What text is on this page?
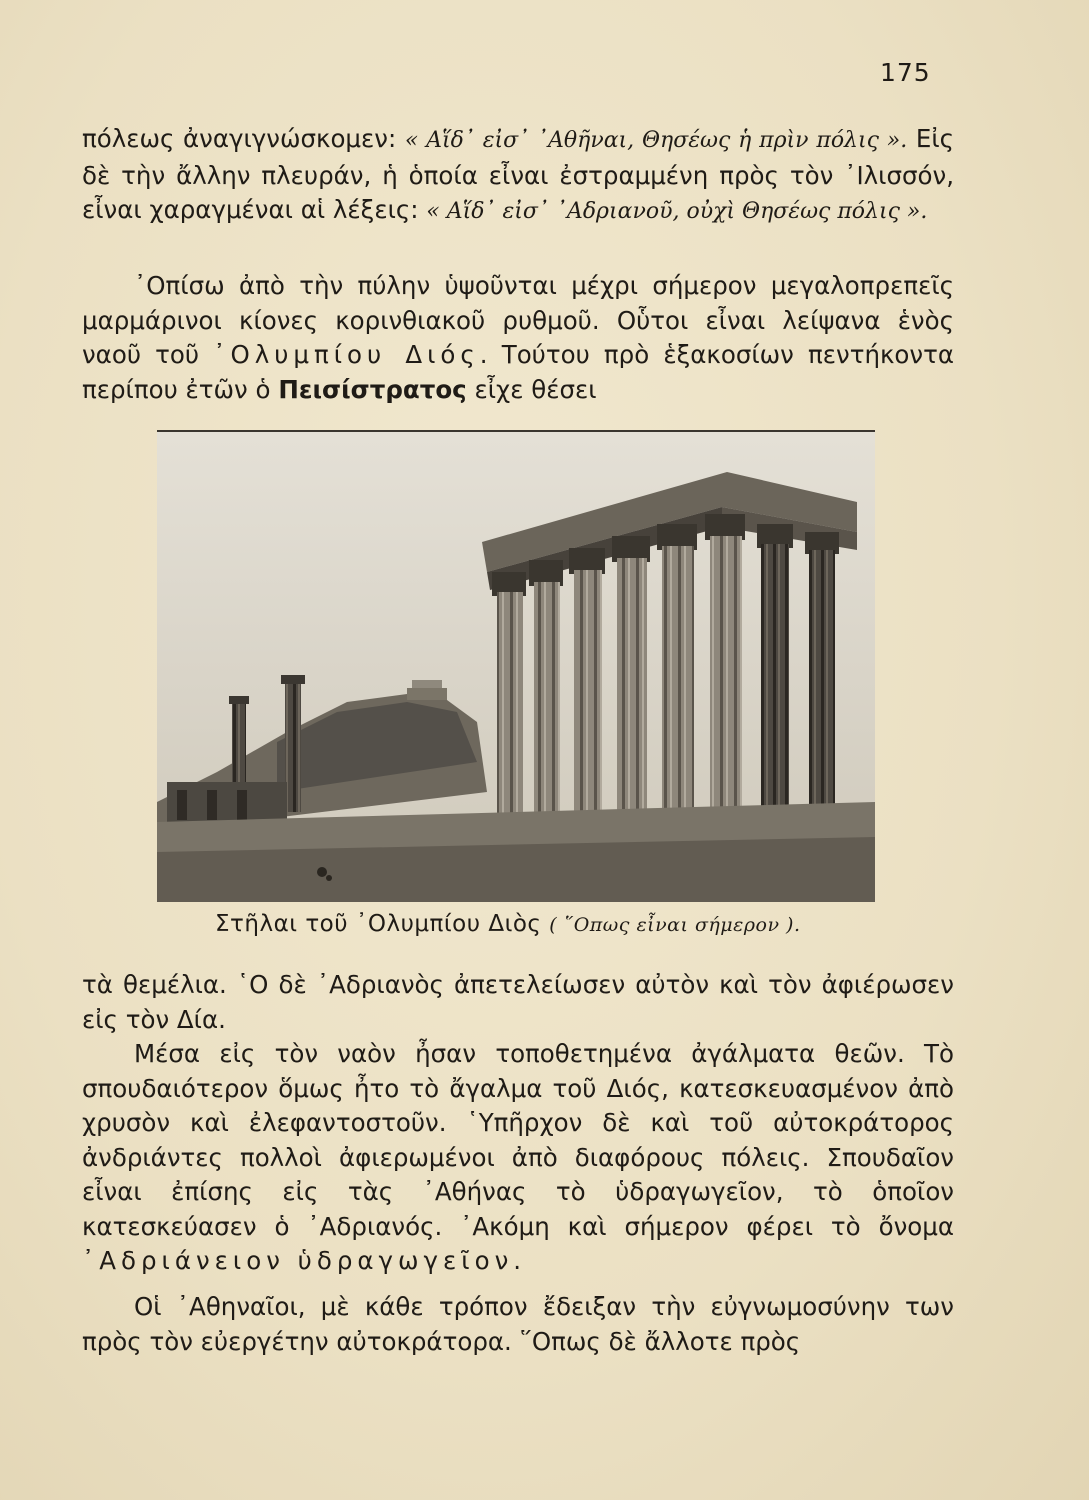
175

πόλεως ἀναγιγνώσκομεν: « Αἵδ᾽ εἰσ᾽ ᾿Αθῆναι, Θησέως ἡ πρὶν πόλις ». Εἰς δὲ τὴν ἄλλην πλευράν, ἡ ὁποία εἶναι ἐστραμμένη πρὸς τὸν ᾿Ιλισσόν, εἶναι χαραγμέναι αἱ λέξεις: « Αἵδ᾽ εἰσ᾽ ᾿Αδριανοῦ, οὐχὶ Θησέως πόλις ».

᾿Οπίσω ἀπὸ τὴν πύλην ὑψοῦνται μέχρι σήμερον μεγαλοπρεπεῖς μαρμάρινοι κίονες κορινθιακοῦ ρυθμοῦ. Οὗτοι εἶναι λείψανα ἑνὸς ναοῦ τοῦ ᾿Ολυμπίου Διός. Τούτου πρὸ ἑξακοσίων πεντήκοντα περίπου ἐτῶν ὁ Πεισίστρατος εἶχε θέσει

Στῆλαι τοῦ ᾿Ολυμπίου Διὸς ( ῞Οπως εἶναι σήμερον ).

τὰ θεμέλια. ῾Ο δὲ ᾿Αδριανὸς ἀπετελείωσεν αὐτὸν καὶ τὸν ἀφιέρωσεν εἰς τὸν Δία.

Μέσα εἰς τὸν ναὸν ἦσαν τοποθετημένα ἀγάλματα θεῶν. Τὸ σπουδαιότερον ὅμως ἦτο τὸ ἄγαλμα τοῦ Διός, κατεσκευασμένον ἀπὸ χρυσὸν καὶ ἐλεφαντοστοῦν. ῾Υπῆρχον δὲ καὶ τοῦ αὐτοκράτορος ἀνδριάντες πολλοὶ ἀφιερωμένοι ἀπὸ διαφόρους πόλεις. Σπουδαῖον εἶναι ἐπίσης εἰς τὰς ᾿Αθήνας τὸ ὑδραγωγεῖον, τὸ ὁποῖον κατεσκεύασεν ὁ ᾿Αδριανός. ᾿Ακόμη καὶ σήμερον φέρει τὸ ὄνομα ᾿Αδριάνειον ὑδραγωγεῖον.

Οἱ ᾿Αθηναῖοι, μὲ κάθε τρόπον ἔδειξαν τὴν εὐγνωμοσύνην των πρὸς τὸν εὐεργέτην αὐτοκράτορα. ῞Οπως δὲ ἄλλοτε πρὸς
